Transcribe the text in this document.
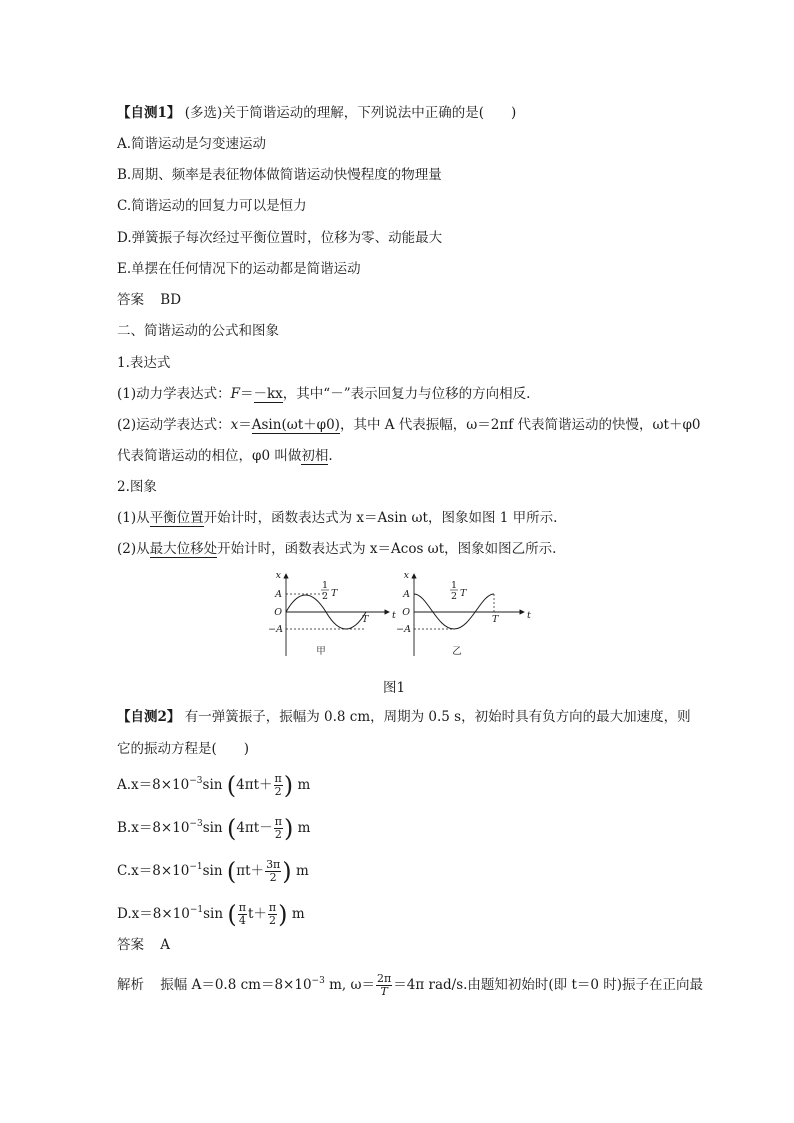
【自测1】 (多选)关于简谐运动的理解，下列说法中正确的是(　　)
A.简谐运动是匀变速运动
B.周期、频率是表征物体做简谐运动快慢程度的物理量
C.简谐运动的回复力可以是恒力
D.弹簧振子每次经过平衡位置时，位移为零、动能最大
E.单摆在任何情况下的运动都是简谐运动
答案 BD
二、简谐运动的公式和图象
1.表达式
(1)动力学表达式：F＝－kx，其中“－”表示回复力与位移的方向相反.
(2)运动学表达式：x＝Asin(ωt＋φ0)，其中 A 代表振幅，ω＝2πf 代表简谐运动的快慢，ωt＋φ0
代表简谐运动的相位，φ0 叫做初相.
2.图象
(1)从平衡位置开始计时，函数表达式为 x＝Asin ωt，图象如图 1 甲所示.
(2)从最大位移处开始计时，函数表达式为 x＝Acos ωt，图象如图乙所示.
x
t
A
O
−A
1
2 T
T
甲
x
t
A
O
−A
1
2 T
T
乙
图1
【自测2】 有一弹簧振子，振幅为 0.8 cm，周期为 0.5 s，初始时具有负方向的最大加速度，则
它的振动方程是(　　)
$A.x=8\times 10^{-3}\sin$ ($4\pi t+ \frac{\pi}{2}$ ) m
$B.x=8\times 10^{-3}\sin$ ($4\pi t- \frac{\pi}{2}$ ) m
$C.x=8\times 10^{-1}\sin$ ($\pi t+ \frac{3\pi}{2}$ ) m
$D.x=8\times 10^{-1}\sin$ ( $\frac{\pi}{4} t+ \frac{\pi}{2}$ ) m
答案 A
解析 振幅 A＝0.8 $cm=8\times 10^{-3}$ m, $\omega= \frac{2\pi}{T} =4\pi$ rad/s.由题知初始时(即 t＝0 时)振子在正向最
